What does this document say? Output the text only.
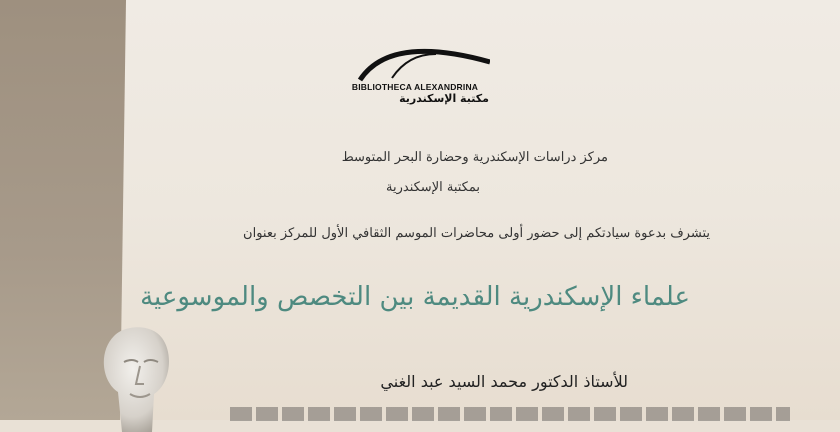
BIBLIOTHECA ALEXANDRINA
مكتبة الإسكندرية
مركز دراسات الإسكندرية وحضارة البحر المتوسط
بمكتبة الإسكندرية
يتشرف بدعوة سيادتكم إلى حضور أولى محاضرات الموسم الثقافي الأول للمركز بعنوان
علماء الإسكندرية القديمة بين التخصص والموسوعية
للأستاذ الدكتور محمد السيد عبد الغني
